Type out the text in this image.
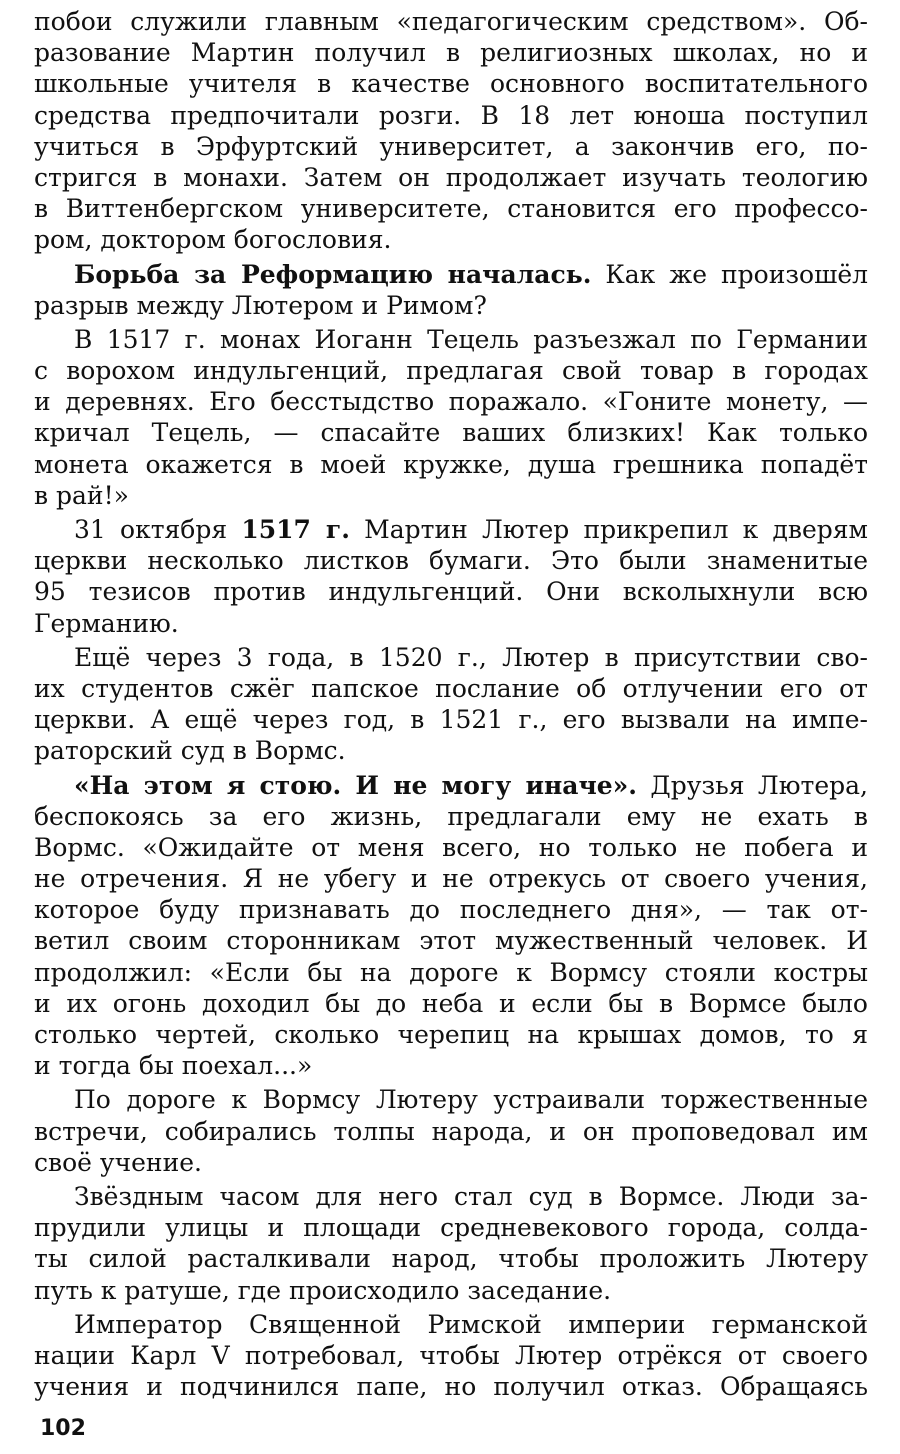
побои служили главным «педагогическим средством». Об-
разование Мартин получил в религиозных школах, но и
школьные учителя в качестве основного воспитательного
средства предпочитали розги. В 18 лет юноша поступил
учиться в Эрфуртский университет, а закончив его, по-
стригся в монахи. Затем он продолжает изучать теологию
в Виттенбергском университете, становится его профессо-
ром, доктором богословия.
Борьба за Реформацию началась. Как же произошёл
разрыв между Лютером и Римом?
В 1517 г. монах Иоганн Тецель разъезжал по Германии
с ворохом индульгенций, предлагая свой товар в городах
и деревнях. Его бесстыдство поражало. «Гоните монету, —
кричал Тецель, — спасайте ваших близких! Как только
монета окажется в моей кружке, душа грешника попадёт
в рай!»
31 октября 1517 г. Мартин Лютер прикрепил к дверям
церкви несколько листков бумаги. Это были знаменитые
95 тезисов против индульгенций. Они всколыхнули всю
Германию.
Ещё через 3 года, в 1520 г., Лютер в присутствии сво-
их студентов сжёг папское послание об отлучении его от
церкви. А ещё через год, в 1521 г., его вызвали на импе-
раторский суд в Вормс.
«На этом я стою. И не могу иначе». Друзья Лютера,
беспокоясь за его жизнь, предлагали ему не ехать в
Вормс. «Ожидайте от меня всего, но только не побега и
не отречения. Я не убегу и не отрекусь от своего учения,
которое буду признавать до последнего дня», — так от-
ветил своим сторонникам этот мужественный человек. И
продолжил: «Если бы на дороге к Вормсу стояли костры
и их огонь доходил бы до неба и если бы в Вормсе было
столько чертей, сколько черепиц на крышах домов, то я
и тогда бы поехал...»
По дороге к Вормсу Лютеру устраивали торжественные
встречи, собирались толпы народа, и он проповедовал им
своё учение.
Звёздным часом для него стал суд в Вормсе. Люди за-
прудили улицы и площади средневекового города, солда-
ты силой расталкивали народ, чтобы проложить Лютеру
путь к ратуше, где происходило заседание.
Император Священной Римской империи германской
нации Карл V потребовал, чтобы Лютер отрёкся от своего
учения и подчинился папе, но получил отказ. Обращаясь
102
